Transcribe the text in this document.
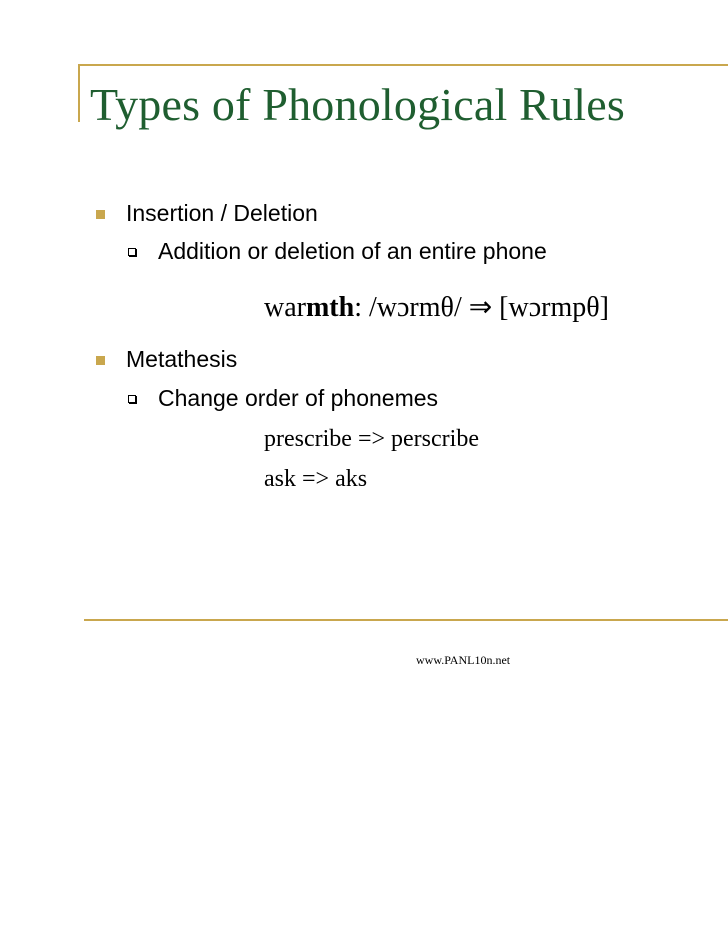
Types of Phonological Rules
Insertion / Deletion
Addition or deletion of an entire phone
warmth: /wɔrmθ/ ⇒ [wɔrmpθ]
Metathesis
Change order of phonemes
prescribe => perscribe
ask => aks
www.PANL10n.net
